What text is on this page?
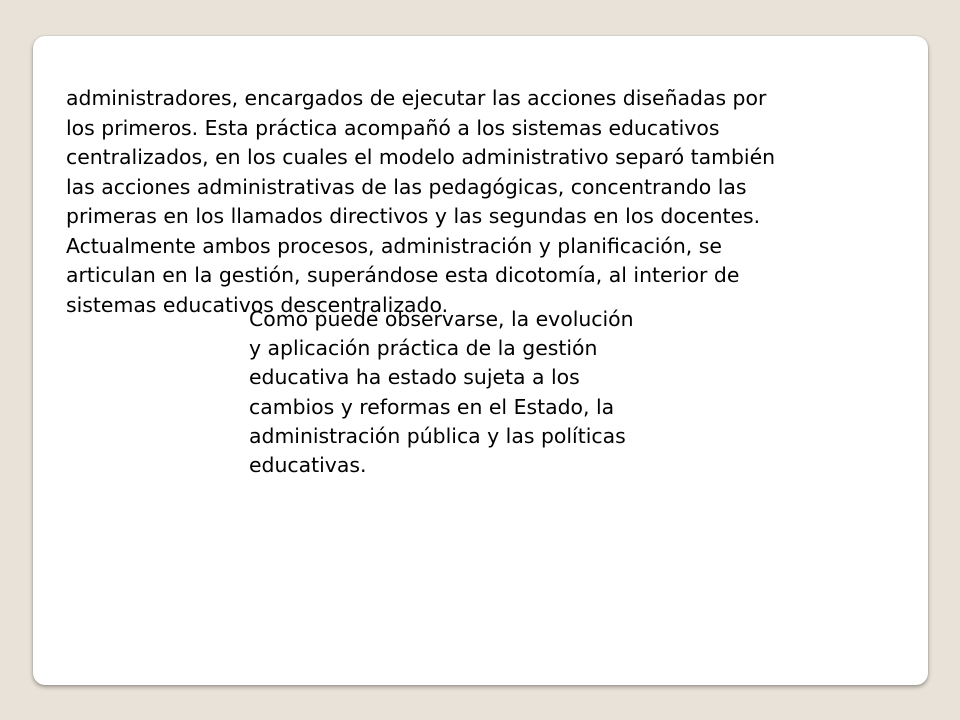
administradores, encargados de ejecutar las acciones diseñadas por
los primeros. Esta práctica acompañó a los sistemas educativos
centralizados, en los cuales el modelo administrativo separó también
las acciones administrativas de las pedagógicas, concentrando las
primeras en los llamados directivos y las segundas en los docentes.
Actualmente ambos procesos, administración y planificación, se
articulan en la gestión, superándose esta dicotomía, al interior de
sistemas educativos descentralizado.

Como puede observarse, la evolución
y aplicación práctica de la gestión
educativa ha estado sujeta a los
cambios y reformas en el Estado, la
administración pública y las políticas
educativas.
